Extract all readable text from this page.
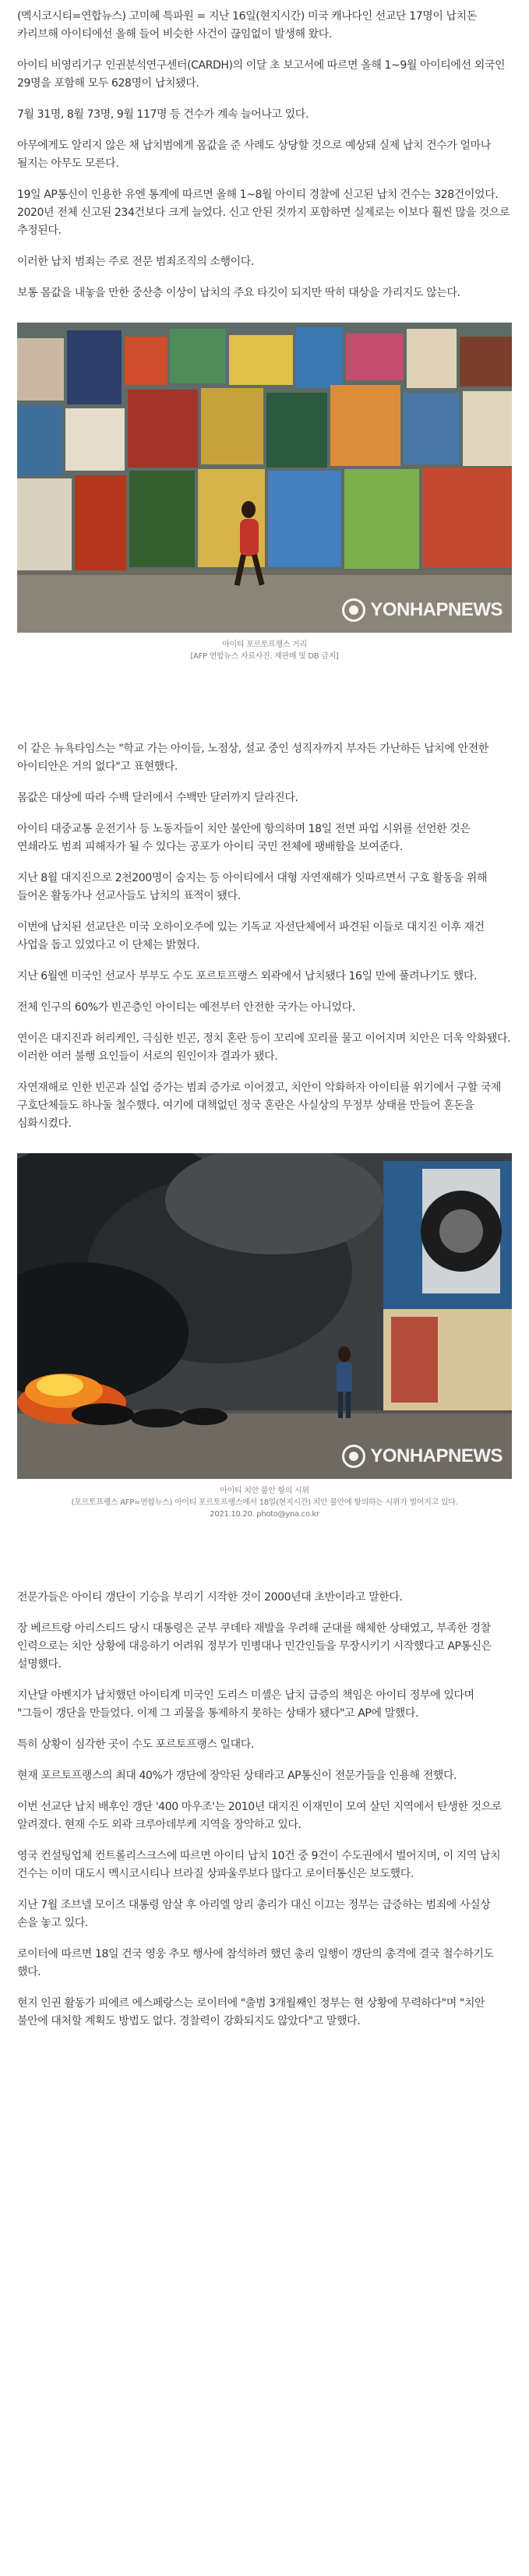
(멕시코시티=연합뉴스) 고미혜 특파원 = 지난 16일(현지시간) 미국 캐나다인 선교단 17명이 납치돈 카리브해 아이티에선 올해 들어 비슷한 사건이 끊임없이 발생해 왔다.

아이티 비영리기구 인권분석연구센터(CARDH)의 이달 초 보고서에 따르면 올해 1~9월 아이티에선 외국인 29명을 포함해 모두 628명이 납치됐다.

7월 31명, 8월 73명, 9월 117명 등 건수가 계속 늘어나고 있다.

아무에게도 알리지 않은 채 납치범에게 몸값을 준 사례도 상당할 것으로 예상돼 실제 납치 건수가 얼마나 될지는 아무도 모른다.

19일 AP통신이 인용한 유엔 통계에 따르면 올해 1~8월 아이티 경찰에 신고된 납치 건수는 328건이었다. 2020년 전체 신고된 234건보다 크게 늘었다. 신고 안된 것까지 포함하면 실제로는 이보다 훨씬 많을 것으로 추정된다.

이러한 납치 범죄는 주로 전문 범죄조직의 소행이다.

보통 몸값을 내놓을 만한 중산층 이상이 납치의 주요 타깃이 되지만 딱히 대상을 가리지도 않는다.

YONHAPNEWS
아이티 포르토프랭스 거리
[AFP 연합뉴스 자료사진. 재판매 및 DB 금지]

이 같은 뉴욕타임스는 "학교 가는 아이들, 노점상, 설교 중인 성직자까지 부자든 가난하든 납치에 안전한 아이티안은 거의 없다"고 표현했다.

몸값은 대상에 따라 수백 달러에서 수백만 달러까지 달라진다.

아이티 대중교통 운전기사 등 노동자들이 치안 불안에 항의하며 18일 전면 파업 시위를 선언한 것은 연쇄라도 범죄 피해자가 될 수 있다는 공포가 아이티 국민 전체에 팽배함을 보여준다.

지난 8월 대지진으로 2천200명이 숨지는 등 아이티에서 대형 자연재해가 잇따르면서 구호 활동을 위해 들어온 활동가나 선교사들도 납치의 표적이 됐다.

이번에 납치된 선교단은 미국 오하이오주에 있는 기독교 자선단체에서 파견된 이들로 대지진 이후 재건 사업을 돕고 있었다고 이 단체는 밝혔다.

지난 6월엔 미국인 선교사 부부도 수도 포르토프랭스 외곽에서 납치됐다 16일 만에 풀려나기도 했다.

전체 인구의 60%가 빈곤층인 아이티는 예전부터 안전한 국가는 아니었다.

연이은 대지진과 허리케인, 극심한 빈곤, 정치 혼란 등이 꼬리에 꼬리를 물고 이어지며 치안은 더욱 악화됐다. 이러한 여러 불행 요인들이 서로의 원인이자 결과가 됐다.

자연재해로 인한 빈곤과 실업 증가는 범죄 증가로 이어졌고, 치안이 악화하자 아이티를 위기에서 구할 국제 구호단체들도 하나둘 철수했다. 여기에 대책없던 정국 혼란은 사실상의 무정부 상태를 만들어 혼돈을 심화시켰다.

YONHAPNEWS
아이티 치안 불안 항의 시위
(포르토프랭스 AFP=연합뉴스) 아이티 포르토프랭스에서 18일(현지시간) 치안 불안에 항의하는 시위가 벌어지고 있다.
2021.10.20. photo@yna.co.kr

전문가들은 아이티 갱단이 기승을 부리기 시작한 것이 2000년대 초반이라고 말한다.

장 베르트랑 아리스티드 당시 대통령은 군부 쿠데타 재발을 우려해 군대를 해체한 상태였고, 부족한 경찰 인력으로는 치안 상황에 대응하기 어려워 정부가 민병대나 민간인들을 무장시키기 시작했다고 AP통신은 설명했다.

지난달 아벤지가 납치했던 아이티계 미국인 도리스 미셸은 납치 급증의 책임은 아이티 정부에 있다며 "그들이 갱단을 만들었다. 이제 그 괴물을 통제하지 못하는 상태가 됐다"고 AP에 말했다.

특히 상황이 심각한 곳이 수도 포르토프랭스 일대다.

현재 포르토프랭스의 최대 40%가 갱단에 장악된 상태라고 AP통신이 전문가들을 인용해 전했다.

이번 선교단 납치 배후인 갱단 '400 마우조'는 2010년 대지진 이재민이 모여 살던 지역에서 탄생한 것으로 알려졌다. 현재 수도 외곽 크루아데부케 지역을 장악하고 있다.

영국 컨설팅업체 컨트롤리스크스에 따르면 아이티 납치 10건 중 9건이 수도권에서 벌어지며, 이 지역 납치 건수는 이미 대도시 멕시코시티나 브라질 상파울루보다 많다고 로이터통신은 보도했다.

지난 7월 조브넬 모이즈 대통령 암살 후 아리엘 앙리 총리가 대신 이끄는 정부는 급증하는 범죄에 사실상 손을 놓고 있다.

로이터에 따르면 18일 건국 영웅 추모 행사에 참석하려 했던 총리 일행이 갱단의 총격에 결국 철수하기도 했다.

현지 인권 활동가 피에르 에스페랑스는 로이터에 "출범 3개월째인 정부는 현 상황에 무력하다"며 "치안 불안에 대처할 계획도 방법도 없다. 경찰력이 강화되지도 않았다"고 말했다.
